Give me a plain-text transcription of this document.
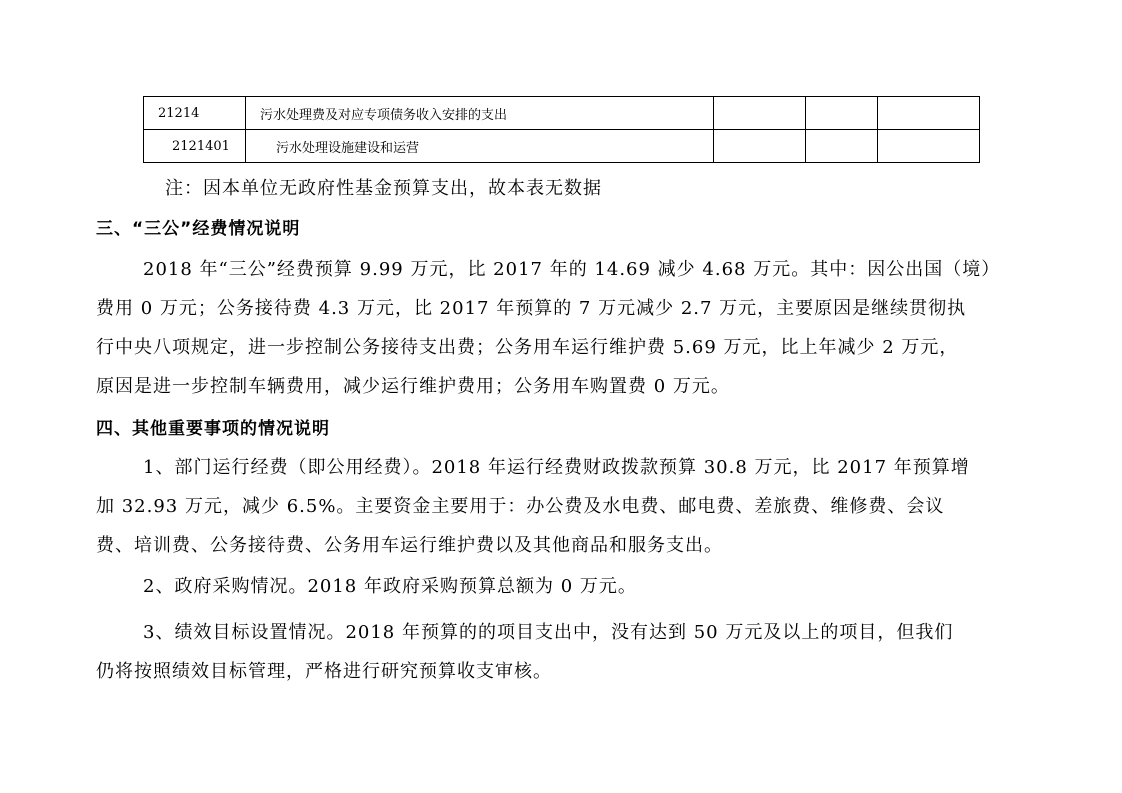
21214	污水处理费及对应专项债务收入安排的支出			
2121401	污水处理设施建设和运营			
注：因本单位无政府性基金预算支出，故本表无数据
三、“三公”经费情况说明
2018 年“三公”经费预算 9.99 万元，比 2017 年的 14.69 减少 4.68 万元。其中：因公出国（境）
费用 0 万元；公务接待费 4.3 万元，比 2017 年预算的 7 万元减少 2.7 万元，主要原因是继续贯彻执
行中央八项规定，进一步控制公务接待支出费；公务用车运行维护费 5.69 万元，比上年减少 2 万元，
原因是进一步控制车辆费用，减少运行维护费用；公务用车购置费 0 万元。
四、其他重要事项的情况说明
1、部门运行经费（即公用经费）。2018 年运行经费财政拨款预算 30.8 万元，比 2017 年预算增
加 32.93 万元，减少 6.5%。主要资金主要用于：办公费及水电费、邮电费、差旅费、维修费、会议
费、培训费、公务接待费、公务用车运行维护费以及其他商品和服务支出。
2、政府采购情况。2018 年政府采购预算总额为 0 万元。
3、绩效目标设置情况。2018 年预算的的项目支出中，没有达到 50 万元及以上的项目，但我们
仍将按照绩效目标管理，严格进行研究预算收支审核。
